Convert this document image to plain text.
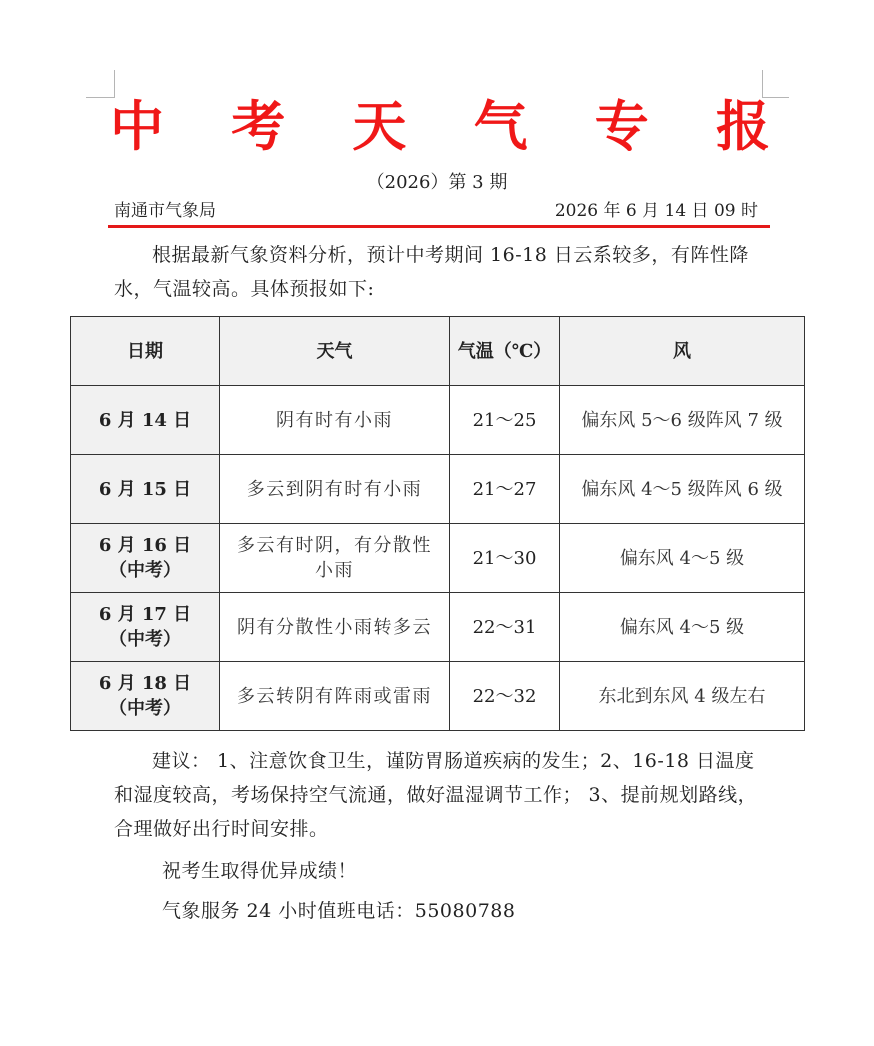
中 考 天 气 专 报
（2026）第 3 期
南通市气象局	2026 年 6 月 14 日 09 时
根据最新气象资料分析，预计中考期间 16-18 日云系较多，有阵性降水，气温较高。具体预报如下:
日期	天气	气温（℃）	风
6 月 14 日	阴有时有小雨	21～25	偏东风 5～6 级阵风 7 级
6 月 15 日	多云到阴有时有小雨	21～27	偏东风 4～5 级阵风 6 级
6 月 16 日
（中考）	多云有时阴，有分散性小雨	21～30	偏东风 4～5 级
6 月 17 日
（中考）	阴有分散性小雨转多云	22～31	偏东风 4～5 级
6 月 18 日
（中考）	多云转阴有阵雨或雷雨	22～32	东北到东风 4 级左右
建议： 1、注意饮食卫生，谨防胃肠道疾病的发生；2、16-18 日温度和湿度较高，考场保持空气流通，做好温湿调节工作； 3、提前规划路线，合理做好出行时间安排。
祝考生取得优异成绩！
气象服务 24 小时值班电话：55080788
